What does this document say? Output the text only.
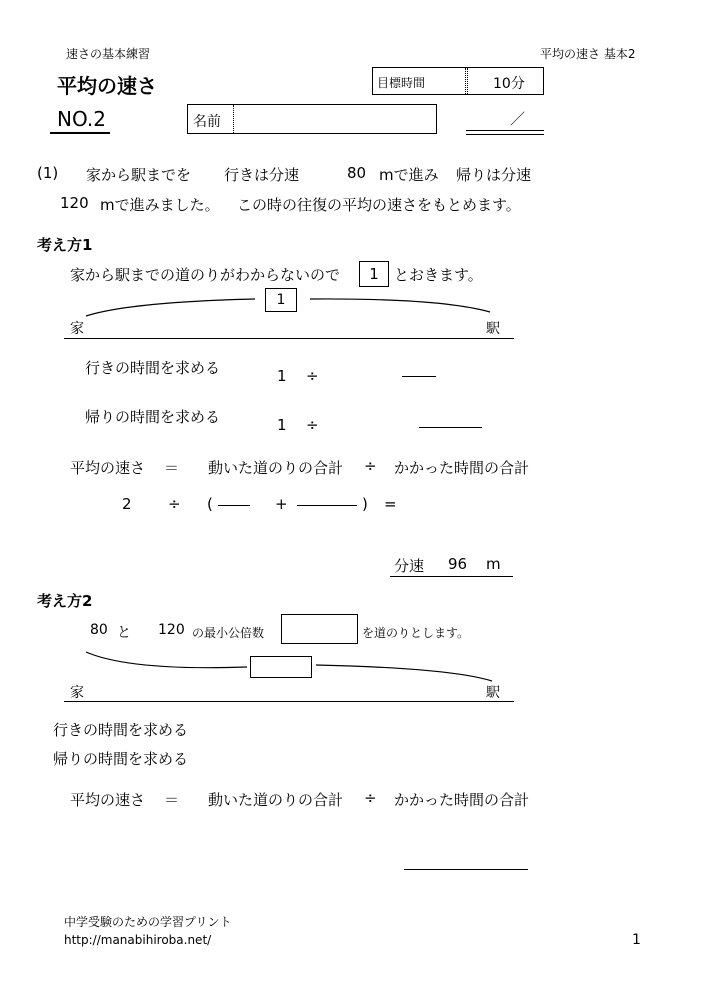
速さの基本練習
平均の速さ
平均の速さ 基本2
目標時間	10分
NO.2	名前	／
(1) 家から駅までを 行きは分速	80 mで進み 帰りは分速
120 mで進みました。 この時の往復の平均の速さをもとめます。
考え方1
家から駅までの道のりがわからないので	1	とおきます。
1
家	駅
行きの時間を求める	1 ÷
帰りの時間を求める	1 ÷
平均の速さ ＝ 動いた道のりの合計 ÷ かかった時間の合計
2 ÷ (	+	) =
分速 96 m
考え方2
80 と 120 の最小公倍数	を道のりとします。
家	駅
行きの時間を求める
帰りの時間を求める
平均の速さ ＝ 動いた道のりの合計 ÷ かかった時間の合計
中学受験のための学習プリント
http://manabihiroba.net/	1
